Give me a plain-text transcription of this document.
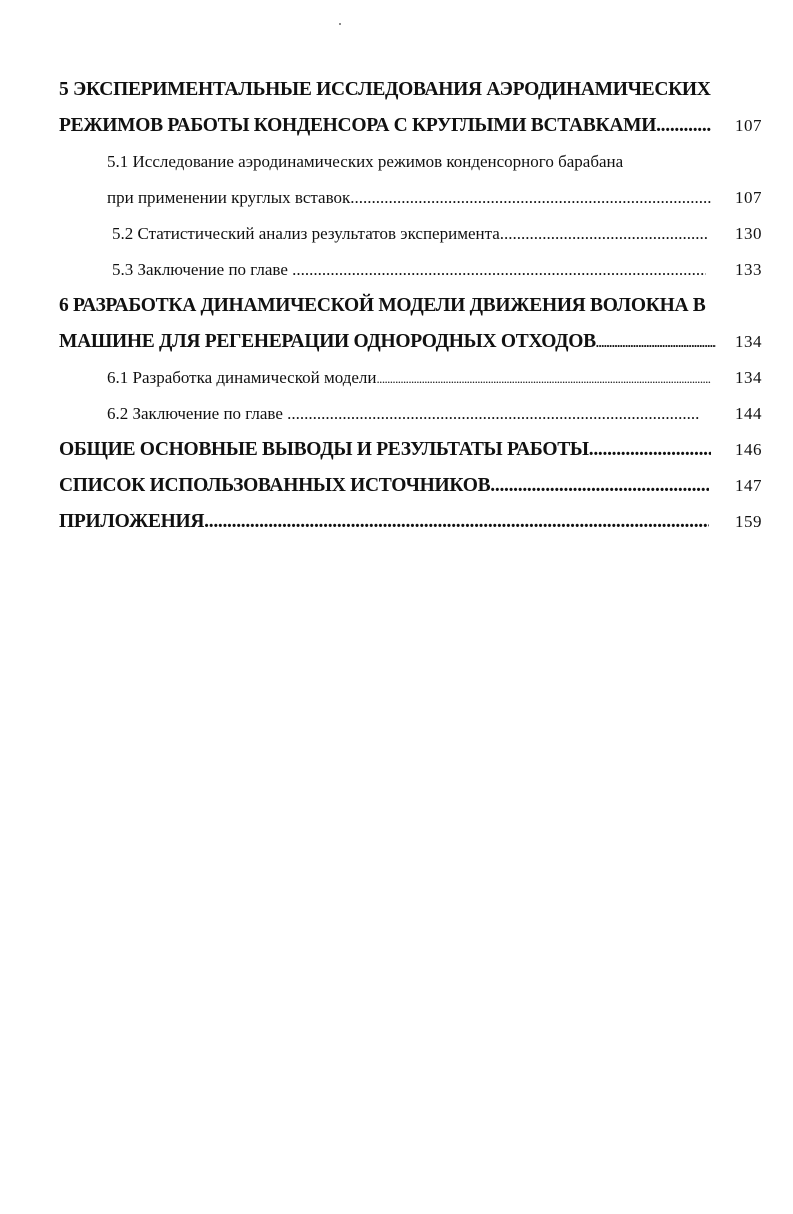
5 ЭКСПЕРИМЕНТАЛЬНЫЕ ИССЛЕДОВАНИЯ АЭРОДИНАМИЧЕСКИХ
РЕЖИМОВ РАБОТЫ КОНДЕНСОРА С КРУГЛЫМИ ВСТАВКАМИ .....	107
5.1 Исследование аэродинамических режимов конденсорного барабана
при применении круглых вставок .....	107
5.2 Статистический анализ результатов эксперимента .....	130
5.3 Заключение по главе .....	133
6 РАЗРАБОТКА ДИНАМИЧЕСКОЙ МОДЕЛИ ДВИЖЕНИЯ ВОЛОКНА В
МАШИНЕ ДЛЯ РЕГЕНЕРАЦИИ ОДНОРОДНЫХ ОТХОДОВ .....	134
6.1 Разработка динамической модели .....	134
6.2 Заключение по главе .....	144
ОБЩИЕ ОСНОВНЫЕ ВЫВОДЫ И РЕЗУЛЬТАТЫ РАБОТЫ .....	146
СПИСОК ИСПОЛЬЗОВАННЫХ ИСТОЧНИКОВ .....	147
ПРИЛОЖЕНИЯ .....	159
